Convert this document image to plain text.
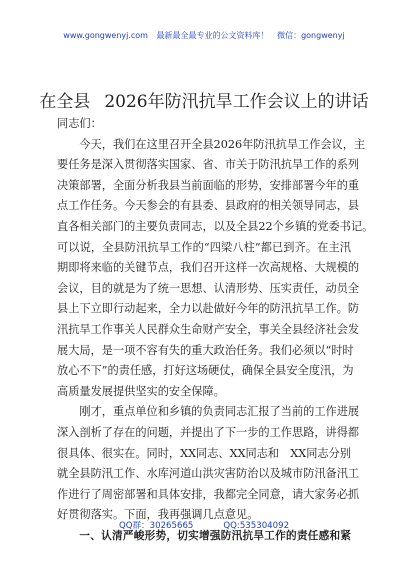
www.gongwenyj.com 最新最全最专业的公文资料库！ 微信：gongwenyj
在全县 2026年防汛抗旱工作会议上的讲话
同志们：
今天，我们在这里召开全县2026年防汛抗旱工作会议，主
要任务是深入贯彻落实国家、省、市关于防汛抗旱工作的系列
决策部署，全面分析我县当前面临的形势，安排部署今年的重
点工作任务。今天参会的有县委、县政府的相关领导同志，县
直各相关部门的主要负责同志，以及全县22个乡镇的党委书记。
可以说，全县防汛抗旱工作的“四梁八柱”都已到齐。在主汛
期即将来临的关键节点，我们召开这样一次高规格、大规模的
会议，目的就是为了统一思想、认清形势、压实责任，动员全
县上下立即行动起来，全力以赴做好今年的防汛抗旱工作。防
汛抗旱工作事关人民群众生命财产安全，事关全县经济社会发
展大局，是一项不容有失的重大政治任务。我们必须以“时时
放心不下”的责任感，打好这场硬仗，确保全县安全度汛，为
高质量发展提供坚实的安全保障。
刚才，重点单位和乡镇的负责同志汇报了当前的工作进展
深入剖析了存在的问题，并提出了下一步的工作思路，讲得都
很具体、很实在。同时，XX同志、XX同志和　XX同志分别
就全县防汛工作、水库河道山洪灾害防治以及城市防汛备汛工
作进行了周密部署和具体安排，我都完全同意，请大家务必抓
好贯彻落实。下面，我再强调几点意见。
一、认清严峻形势，切实增强防汛抗旱工作的责任感和紧
QQ群：30265665	QQ:535304092
